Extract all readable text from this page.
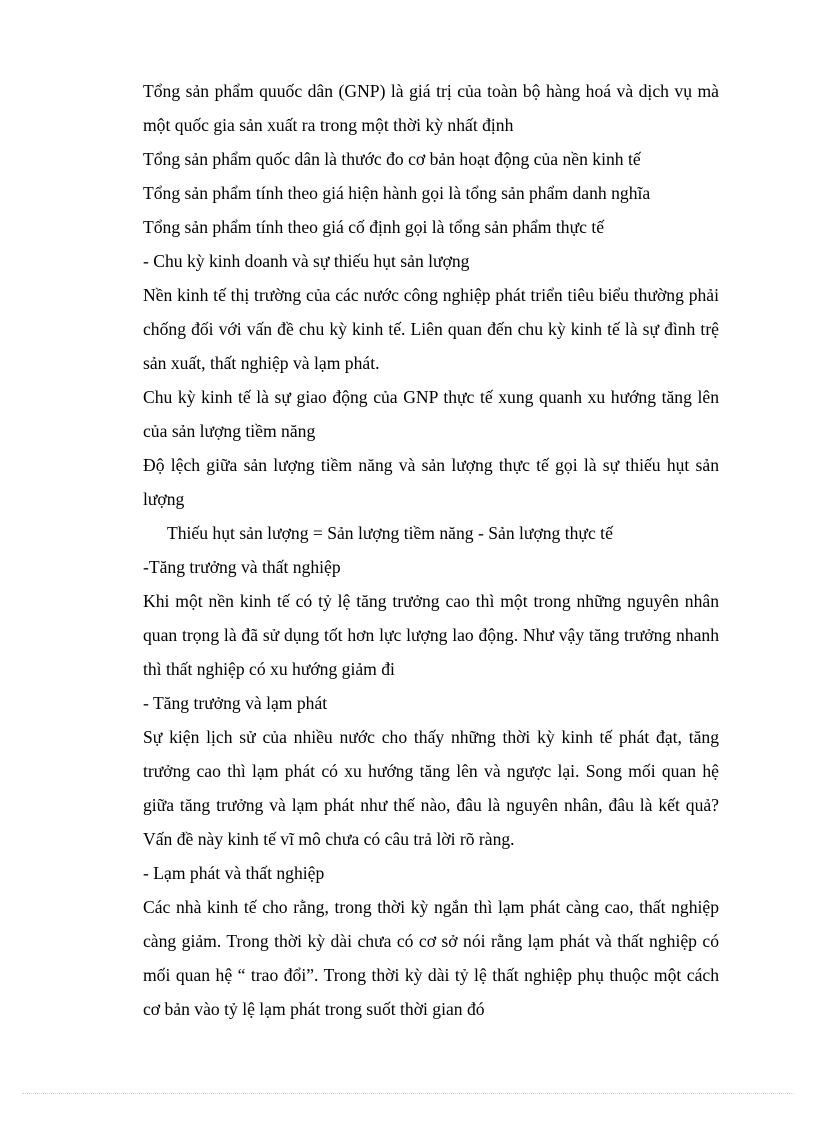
Tổng sản phẩm quuốc dân (GNP) là giá trị của toàn bộ hàng hoá và dịch vụ mà một quốc gia sản xuất ra trong một thời kỳ nhất định

Tổng sản phẩm quốc dân là thước đo cơ bản hoạt động của nền kinh tế

Tổng sản phẩm tính theo giá hiện hành gọi là tổng sản phẩm danh nghĩa

Tổng sản phẩm tính theo giá cố định gọi là tổng sản phẩm thực tế

- Chu kỳ kinh doanh và sự thiếu hụt sản lượng

Nền kinh tế thị trường của các nước công nghiệp phát triển tiêu biểu thường phải chống đối với vấn đề chu kỳ kinh tế. Liên quan đến chu kỳ kinh tế là sự đình trệ sản xuất, thất nghiệp và lạm phát.

Chu kỳ kinh tế là sự giao động của GNP thực tế xung quanh xu hướng tăng lên của sản lượng tiềm năng

Độ lệch giữa sản lượng tiềm năng và sản lượng thực tế gọi là sự thiếu hụt sản lượng

Thiếu hụt sản lượng = Sản lượng tiềm năng - Sản lượng thực tế

-Tăng trưởng và thất nghiệp

Khi một nền kinh tế có tỷ lệ tăng trưởng cao thì một trong những nguyên nhân quan trọng là đã sử dụng tốt hơn lực lượng lao động. Như vậy tăng trưởng nhanh thì thất nghiệp có xu hướng giảm đi

- Tăng trưởng và lạm phát

Sự kiện lịch sử của nhiều nước cho thấy những thời kỳ kinh tế phát đạt, tăng trưởng cao thì lạm phát có xu hướng tăng lên và ngược lại. Song mối quan hệ giữa tăng trưởng và lạm phát như thế nào, đâu là nguyên nhân, đâu là kết quả? Vấn đề này kinh tế vĩ mô chưa có câu trả lời rõ ràng.

- Lạm phát và thất nghiệp

Các nhà kinh tế cho rằng, trong thời kỳ ngắn thì lạm phát càng cao, thất nghiệp càng giảm. Trong thời kỳ dài chưa có cơ sở nói rằng lạm phát và thất nghiệp có mối quan hệ “ trao đổi”. Trong thời kỳ dài tỷ lệ thất nghiệp phụ thuộc một cách cơ bản vào tỷ lệ lạm phát trong suốt thời gian đó
